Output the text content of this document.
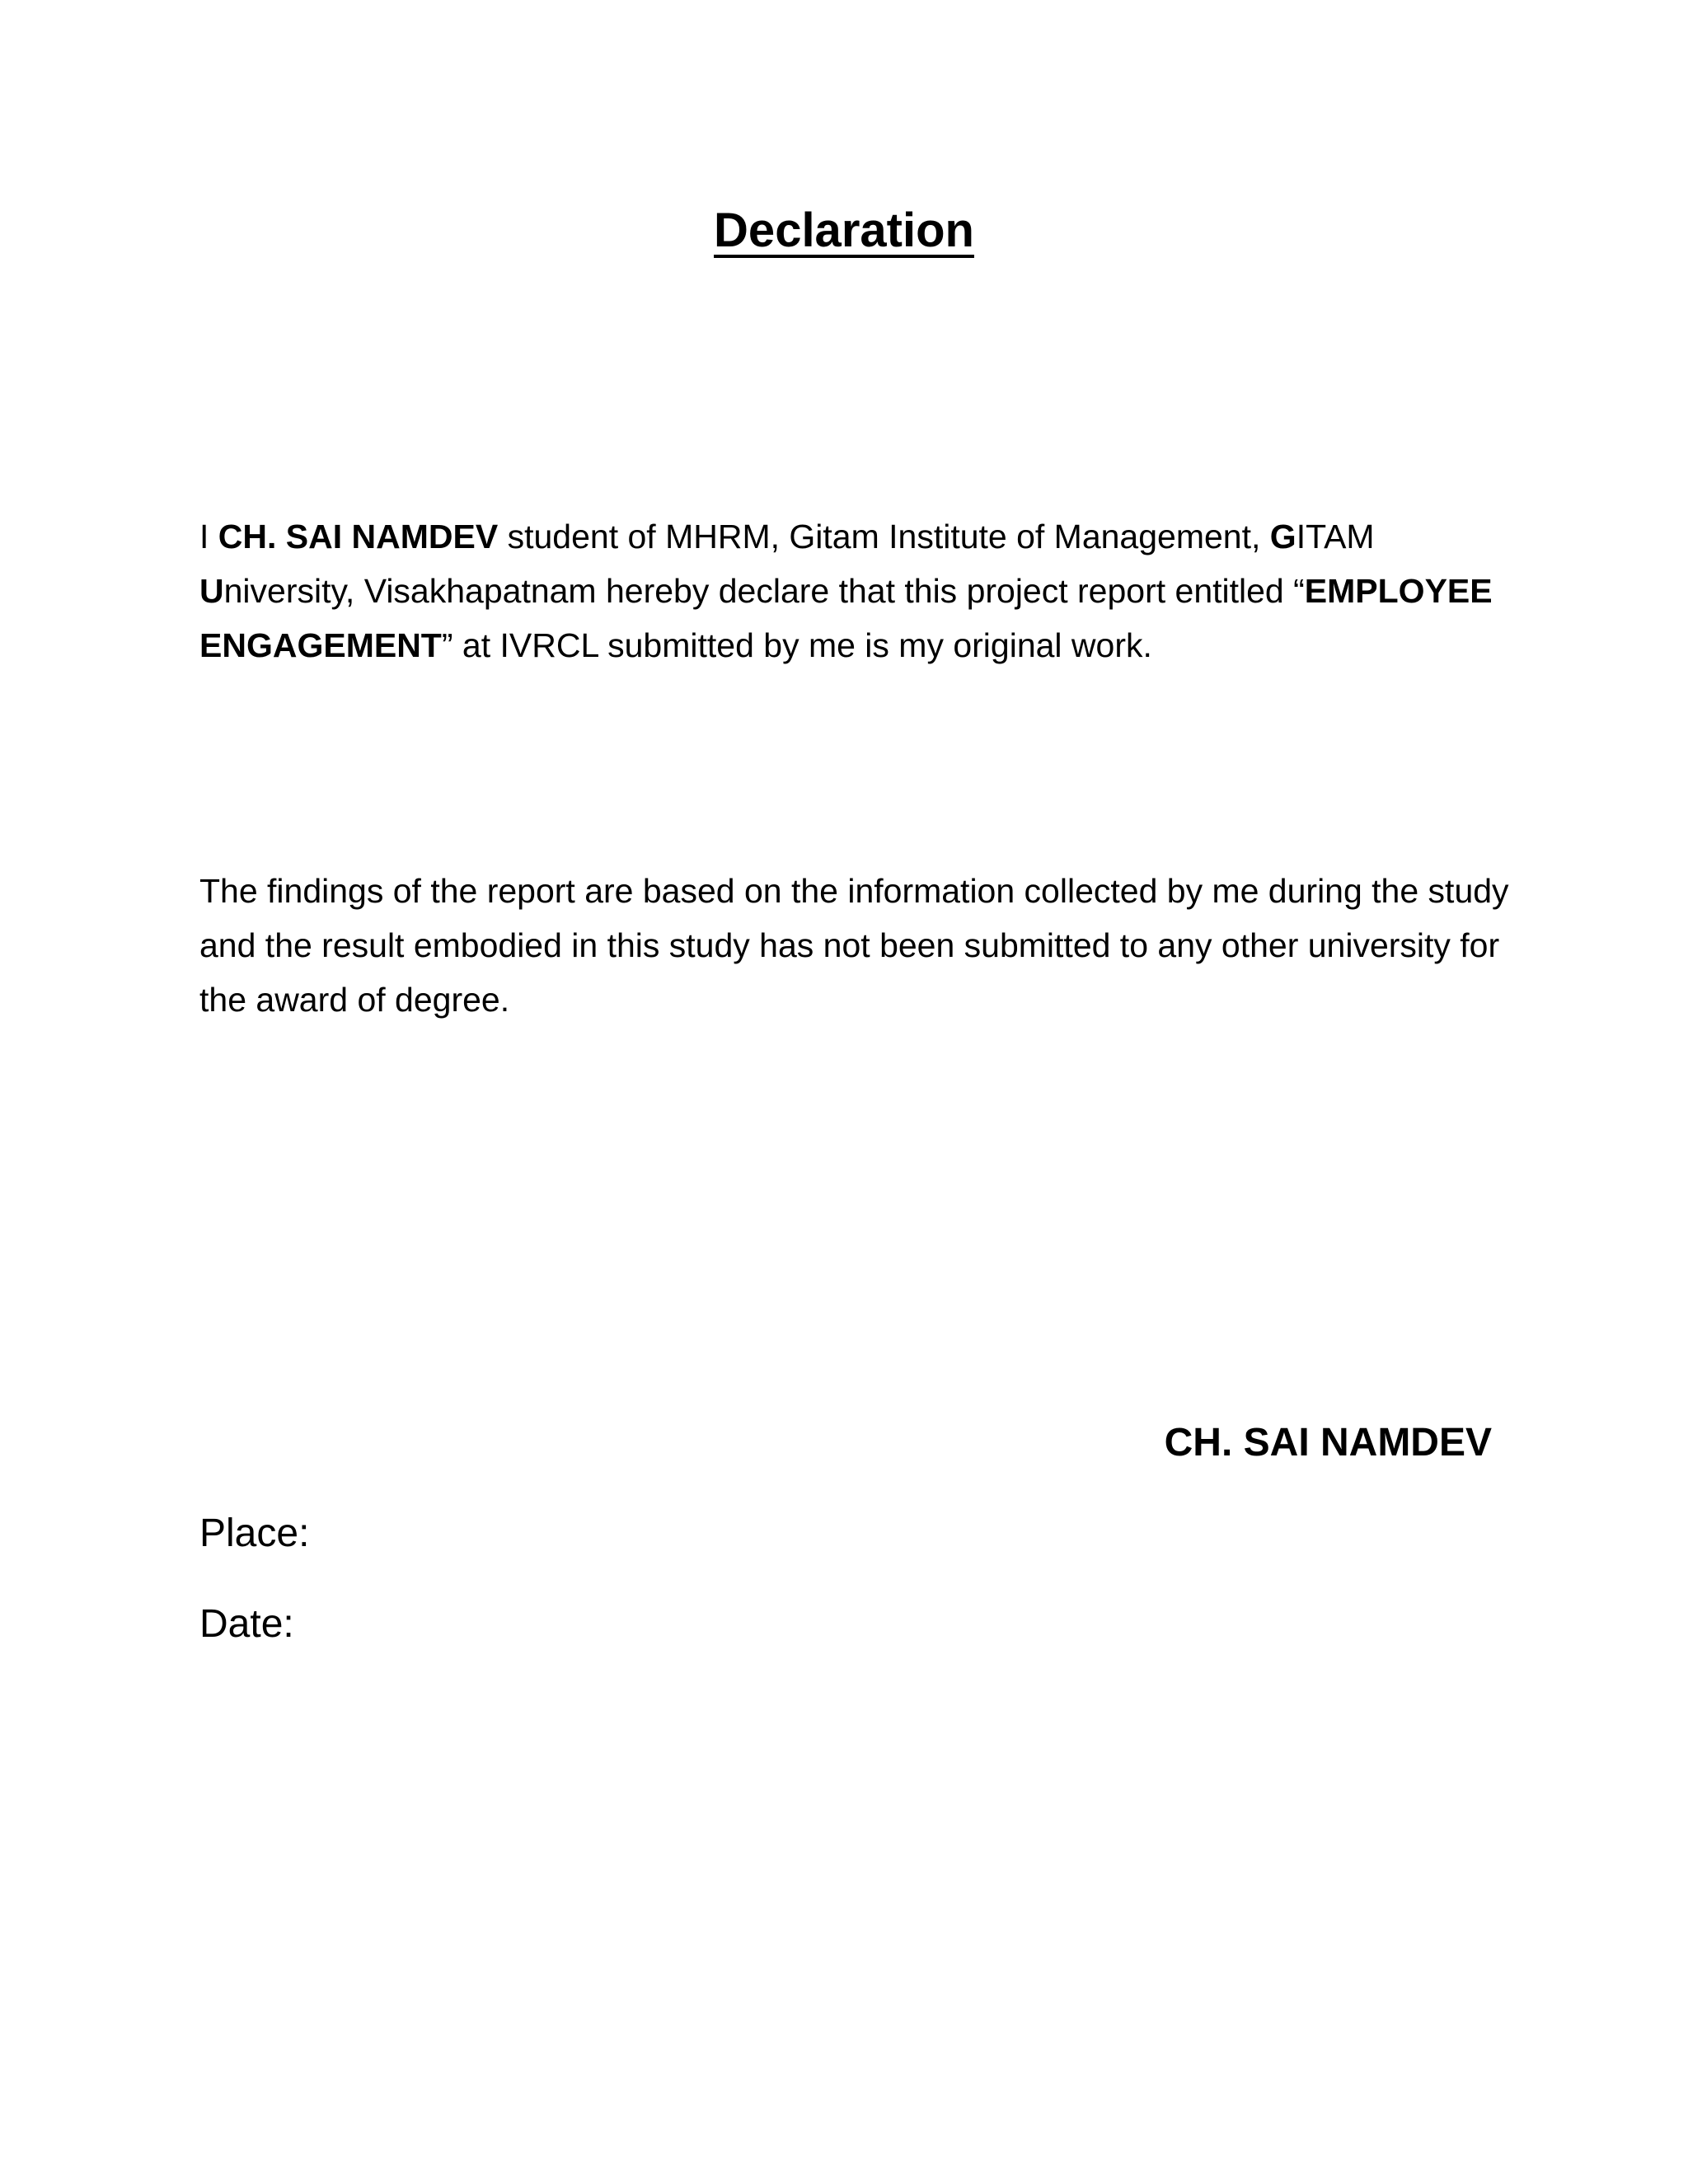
Declaration

I CH. SAI NAMDEV student of MHRM, Gitam Institute of Management, GITAM University, Visakhapatnam hereby declare that this project report entitled “EMPLOYEE ENGAGEMENT” at IVRCL submitted by me is my original work.

The findings of the report are based on the information collected by me during the study and the result embodied in this study has not been submitted to any other university for the award of degree.

CH. SAI NAMDEV

Place:

Date:
